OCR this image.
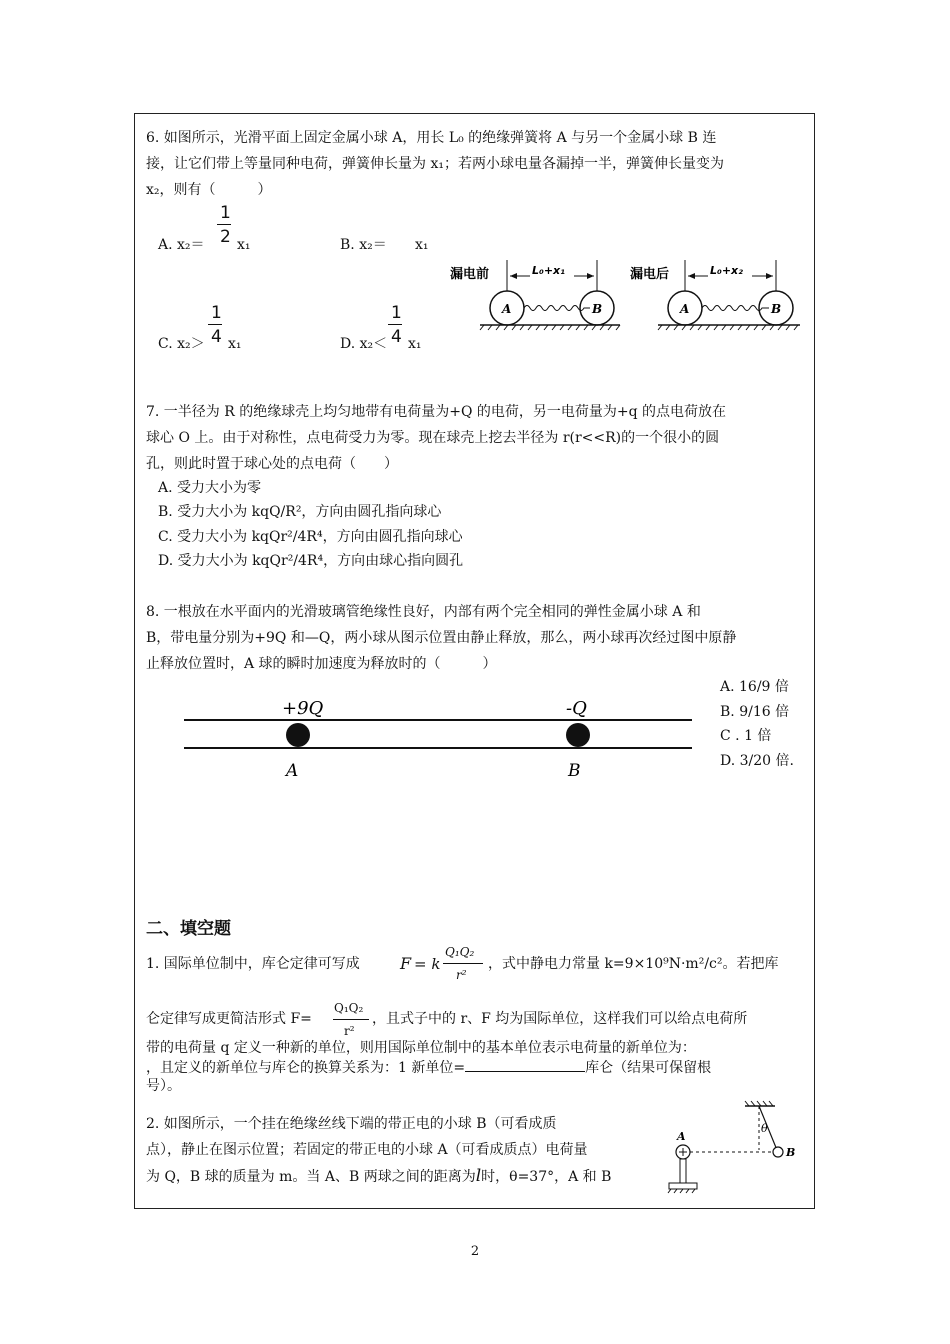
6. 如图所示，光滑平面上固定金属小球 A，用长 L₀ 的绝缘弹簧将 A 与另一个金属小球 B 连
接，让它们带上等量同种电荷，弹簧伸长量为 x₁；若两小球电量各漏掉一半，弹簧伸长量变为
x₂，则有（　　　）
A. x₂＝
1
2 x₁	B. x₂＝ x₁
C. x₂＞
1
4 x₁	D. x₂＜
1
4 x₁
漏电前	L₀+x₁
A	B
漏电后	L₀+x₂
A	B
7. 一半径为 R 的绝缘球壳上均匀地带有电荷量为+Q 的电荷，另一电荷量为+q 的点电荷放在
球心 O 上。由于对称性，点电荷受力为零。现在球壳上挖去半径为 r(r<<R)的一个很小的圆
孔，则此时置于球心处的点电荷（　　）
A. 受力大小为零
B. 受力大小为 kqQ/R²，方向由圆孔指向球心
C. 受力大小为 kqQr²/4R⁴，方向由圆孔指向球心
D. 受力大小为 kqQr²/4R⁴，方向由球心指向圆孔
8. 一根放在水平面内的光滑玻璃管绝缘性良好，内部有两个完全相同的弹性金属小球 A 和
B，带电量分别为+9Q 和—Q，两小球从图示位置由静止释放，那么，两小球再次经过图中原静
止释放位置时，A 球的瞬时加速度为释放时的（　　　）
A. 16/9 倍
B. 9/16 倍
C . 1 倍
D. 3/20 倍.
+9Q	-Q
A	B
二、填空题
1. 国际单位制中，库仑定律可写成	F = k
Q₁Q₂
r²
，式中静电力常量 k=9×10⁹N·m²/c²。若把库
仑定律写成更简洁形式 F=
Q₁Q₂
r²
，且式子中的 r、F 均为国际单位，这样我们可以给点电荷所
带的电荷量 q 定义一种新的单位，则用国际单位制中的基本单位表示电荷量的新单位为：
，且定义的新单位与库仑的换算关系为：1 新单位=	库仑（结果可保留根
号）。
2. 如图所示，一个挂在绝缘丝线下端的带正电的小球 B（可看成质
点），静止在图示位置；若固定的带正电的小球 A（可看成质点）电荷量
为 Q，B 球的质量为 m。当 A、B 两球之间的距离为l时，θ=37°，A 和 B
θ
B
A
2
